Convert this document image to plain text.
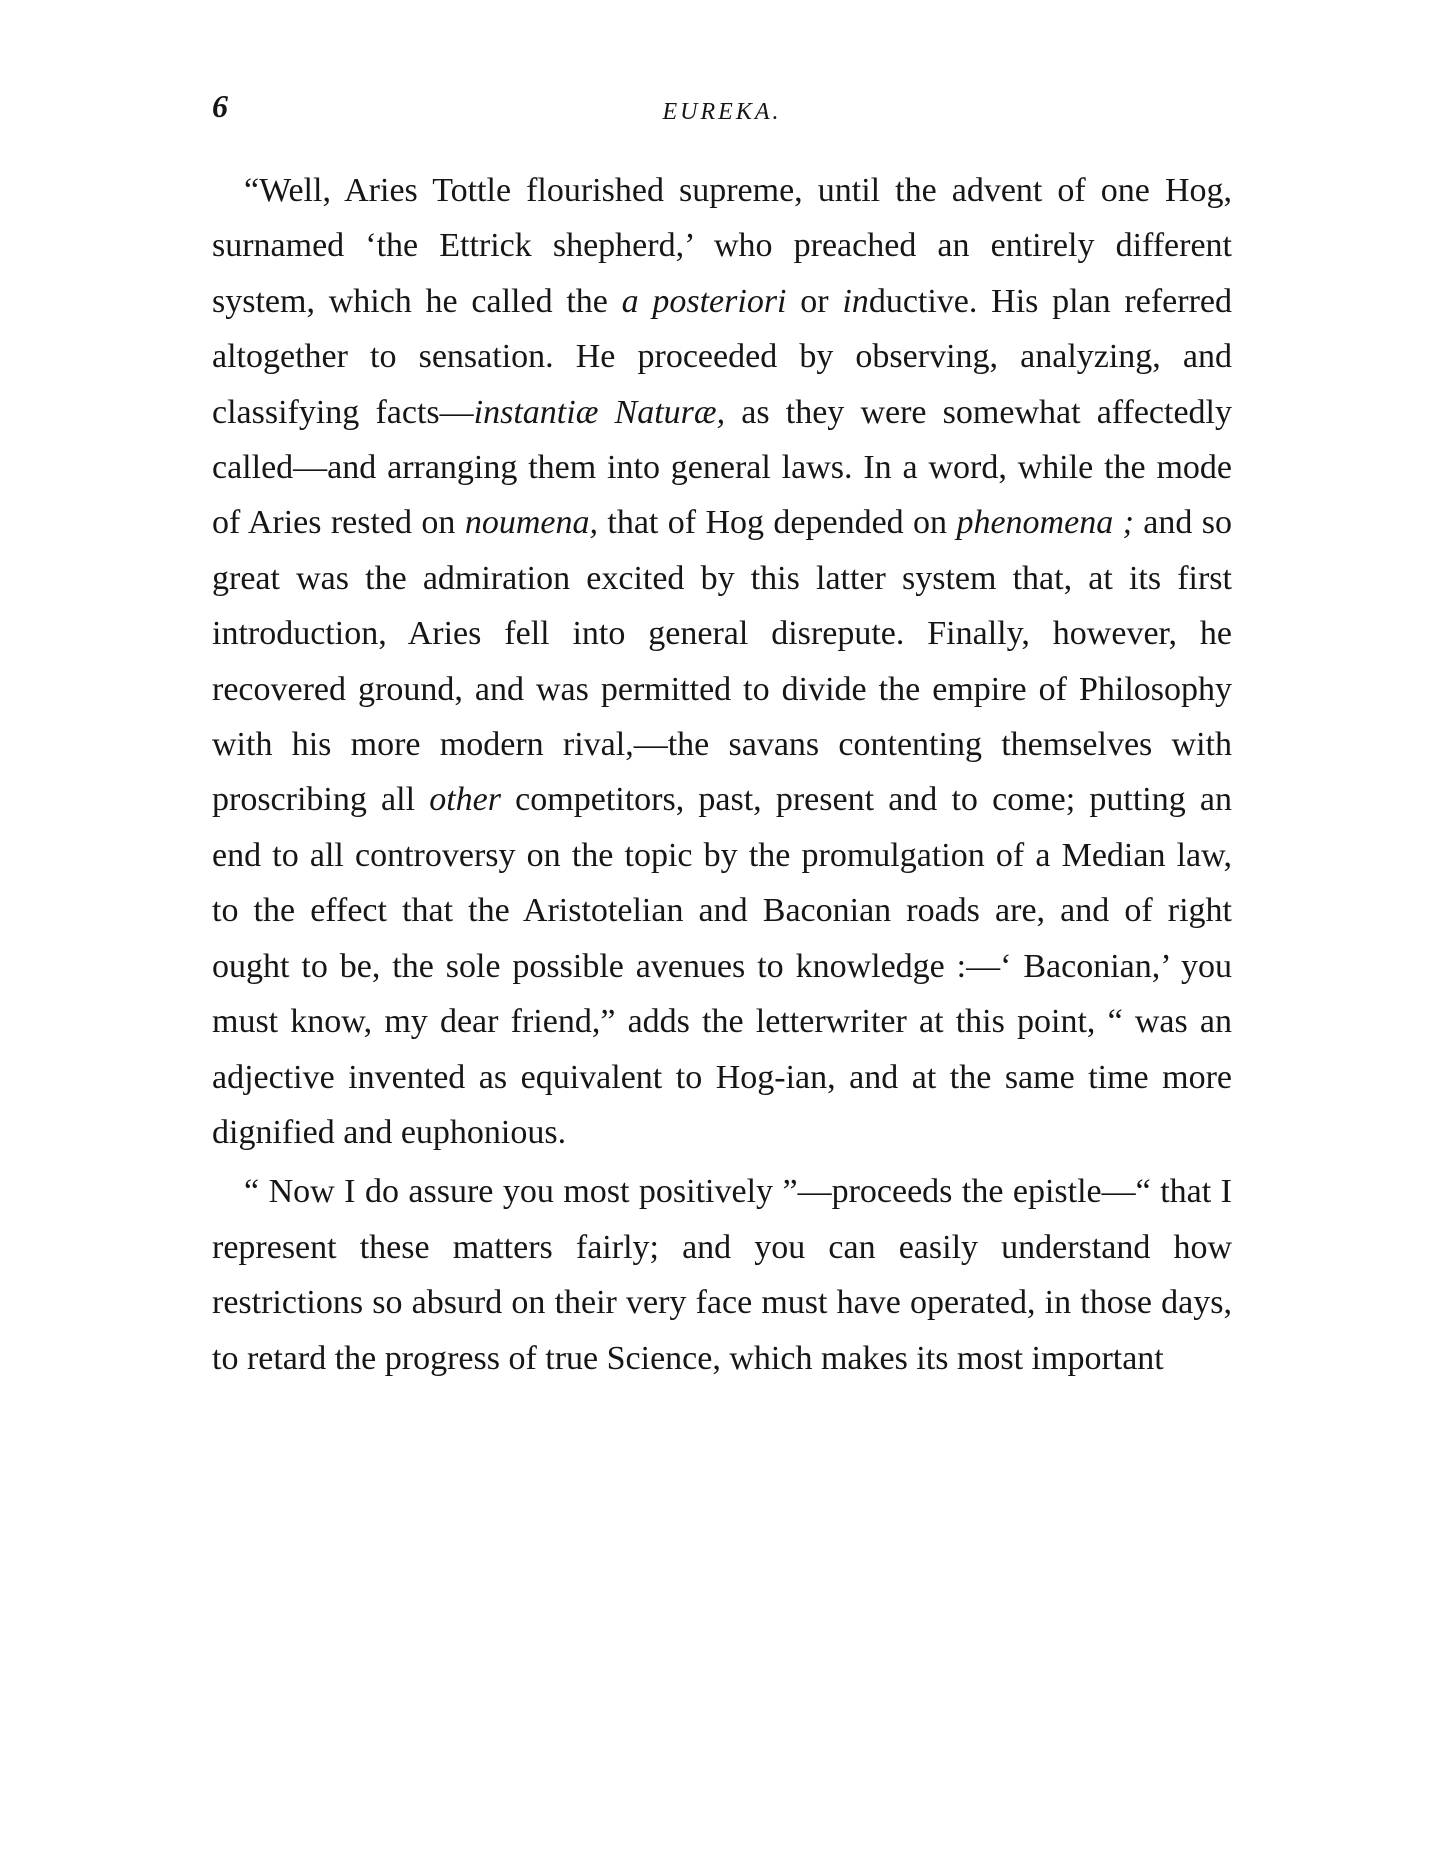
6	EUREKA.

“Well, Aries Tottle flourished supreme, until the advent of one Hog, surnamed ‘the Ettrick shepherd,’ who preached an entirely different system, which he called the a posteriori or inductive. His plan referred altogether to sensation. He proceeded by observing, analyzing, and classifying facts—instantiæ Naturæ, as they were somewhat affectedly called—and arranging them into general laws. In a word, while the mode of Aries rested on noumena, that of Hog depended on phenomena ; and so great was the admiration excited by this latter system that, at its first introduction, Aries fell into general disrepute. Finally, however, he recovered ground, and was permitted to divide the empire of Philosophy with his more modern rival,—the savans contenting themselves with proscribing all other competitors, past, present and to come; putting an end to all controversy on the topic by the promulgation of a Median law, to the effect that the Aristotelian and Baconian roads are, and of right ought to be, the sole possible avenues to knowledge :—‘ Baconian,’ you must know, my dear friend,” adds the letterwriter at this point, “ was an adjective invented as equivalent to Hog-ian, and at the same time more dignified and euphonious.

“ Now I do assure you most positively ”—proceeds the epistle—“ that I represent these matters fairly; and you can easily understand how restrictions so absurd on their very face must have operated, in those days, to retard the progress of true Science, which makes its most important
